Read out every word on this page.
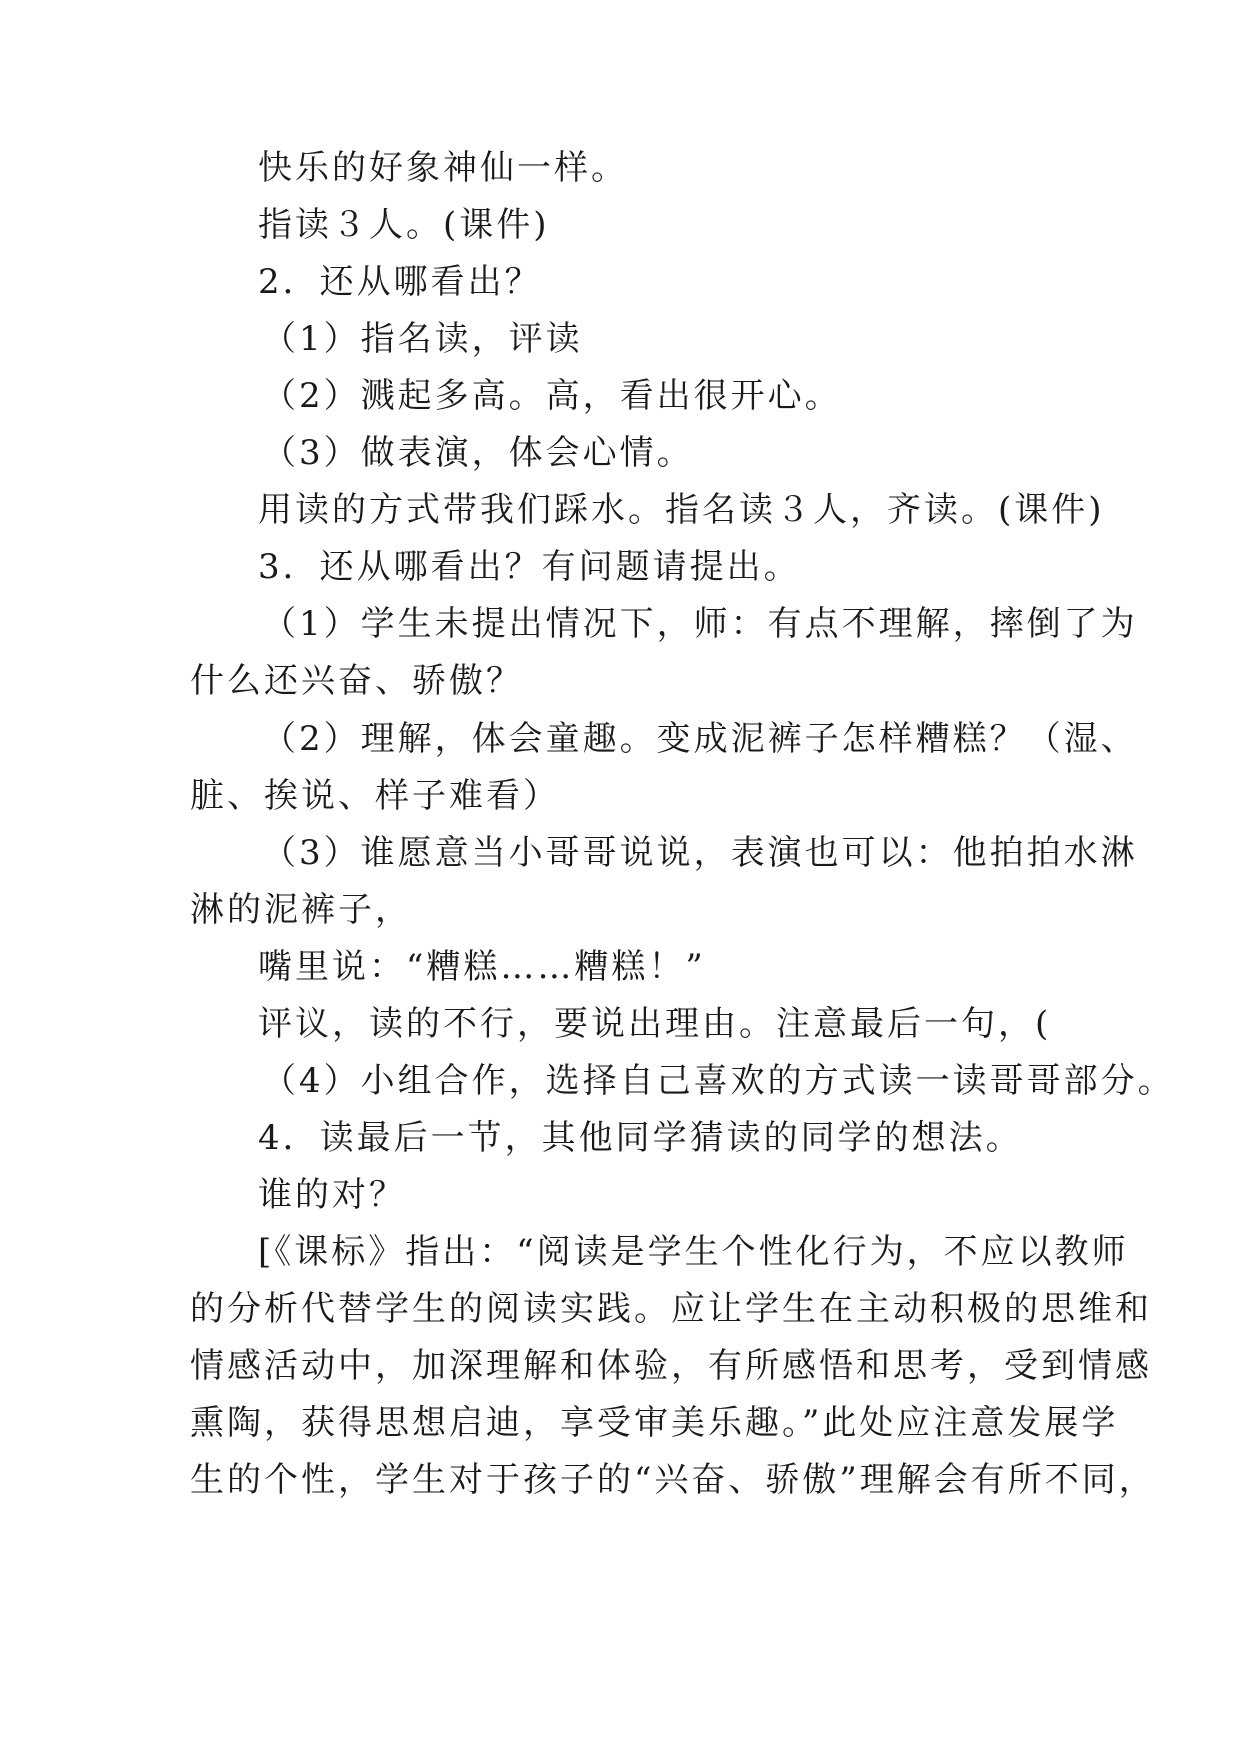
快乐的好象神仙一样。
指读３人。(课件)
2．还从哪看出？
（1）指名读，评读
（2）溅起多高。高，看出很开心。
（3）做表演，体会心情。
用读的方式带我们踩水。指名读３人，齐读。(课件)
3．还从哪看出？有问题请提出。
（1）学生未提出情况下，师：有点不理解，摔倒了为
什么还兴奋、骄傲？
（2）理解，体会童趣。变成泥裤子怎样糟糕？（湿、
脏、挨说、样子难看）
（3）谁愿意当小哥哥说说，表演也可以：他拍拍水淋
淋的泥裤子，
嘴里说：“糟糕……糟糕！”
评议，读的不行，要说出理由。注意最后一句，(
（4）小组合作，选择自己喜欢的方式读一读哥哥部分。
4．读最后一节，其他同学猜读的同学的想法。
谁的对？
[《课标》指出：“阅读是学生个性化行为，不应以教师
的分析代替学生的阅读实践。应让学生在主动积极的思维和
情感活动中，加深理解和体验，有所感悟和思考，受到情感
熏陶，获得思想启迪，享受审美乐趣。”此处应注意发展学
生的个性，学生对于孩子的“兴奋、骄傲”理解会有所不同，
